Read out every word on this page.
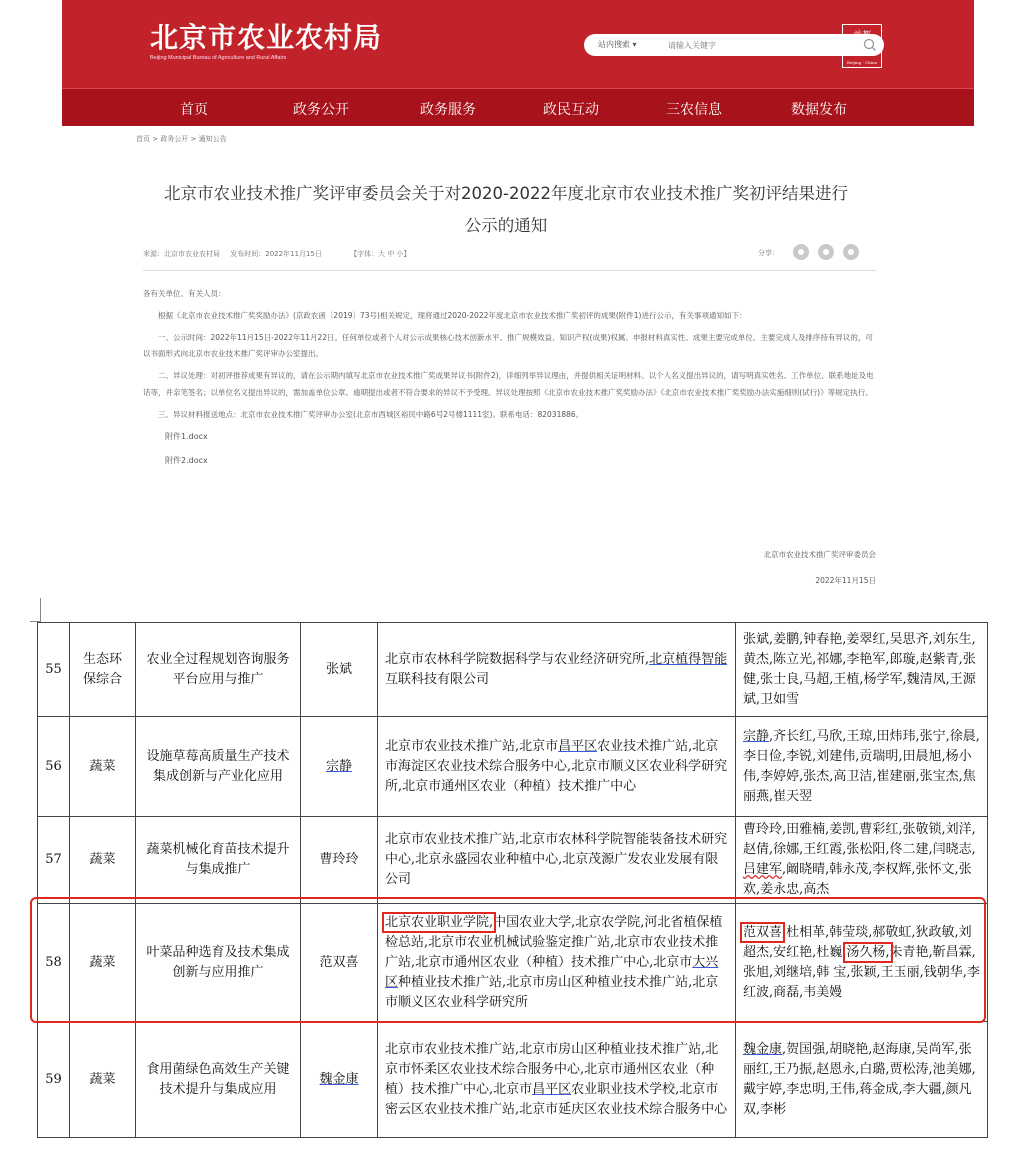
北京市农业农村局
Beijing Municipal Bureau of Agriculture and Rural Affairs
站内搜索 ▾
请输入关键字
首都
Beijing · China
首页	政务公开	政务服务	政民互动	三农信息	数据发布
首页 > 政务公开 > 通知公告
北京市农业技术推广奖评审委员会关于对2020-2022年度北京市农业技术推广奖初评结果进行
公示的通知
来源：北京市农业农村局 发布时间：2022年11月15日	【字体：大 中 小】	分享：

各有关单位、有关人员：

根据《北京市农业技术推广奖奖励办法》(京政农函〔2019〕73号)相关规定，现将通过2020-2022年度北京市农业技术推广奖初评的成果(附件1)进行公示，有关事项通知如下：

一、公示时间：2022年11月15日-2022年11月22日。任何单位或者个人对公示成果核心技术创新水平、推广规模效益、知识产权(成果)权属、申报材料真实性、成果主要完成单位、主要完成人及排序持有异议的，可以书面形式向北京市农业技术推广奖评审办公室提出。

二、异议处理：对初评推荐成果有异议的，请在公示期内填写北京市农业技术推广奖成果异议书(附件2)，详细列举异议理由，并提供相关证明材料。以个人名义提出异议的，请写明真实姓名、工作单位、联系地址及电话等，并亲笔签名；以单位名义提出异议的，需加盖单位公章。逾期提出或者不符合要求的异议不予受理。异议处理按照《北京市农业技术推广奖奖励办法》《北京市农业技术推广奖奖励办法实施细则(试行)》等规定执行。

三、异议材料报送地点：北京市农业技术推广奖评审办公室(北京市西城区裕民中路6号2号楼1111室)。联系电话：82031886。

附件1.docx
附件2.docx
北京市农业技术推广奖评审委员会
2022年11月15日
55	生态环保综合	农业全过程规划咨询服务平台应用与推广	张斌	北京市农林科学院数据科学与农业经济研究所,北京植得智能互联科技有限公司	张斌,姜鹏,钟春艳,姜翠红,吴思齐,刘东生,黄杰,陈立光,祁娜,李艳军,郎璇,赵紫青,张健,张士良,马超,王植,杨学军,魏清凤,王源斌,卫如雪
56	蔬菜	设施草莓高质量生产技术集成创新与产业化应用	宗静	北京市农业技术推广站,北京市昌平区农业技术推广站,北京市海淀区农业技术综合服务中心,北京市顺义区农业科学研究所,北京市通州区农业（种植）技术推广中心	宗静,齐长红,马欣,王琼,田炜玮,张宁,徐晨,李日俭,李锐,刘建伟,贡瑞明,田晨旭,杨小伟,李婷婷,张杰,高卫洁,崔建丽,张宝杰,焦丽燕,崔天翌
57	蔬菜	蔬菜机械化育苗技术提升与集成推广	曹玲玲	北京市农业技术推广站,北京市农林科学院智能装备技术研究中心,北京永盛园农业种植中心,北京茂源广发农业发展有限公司	曹玲玲,田雅楠,姜凯,曹彩红,张敬锁,刘洋,赵倩,徐娜,王红霞,张松阳,佟二建,闫晓志,吕建军,阚晓晴,韩永茂,李权辉,张怀文,张欢,姜永忠,高杰
58	蔬菜	叶菜品种选育及技术集成创新与应用推广	范双喜	北京农业职业学院,中国农业大学,北京农学院,河北省植保植检总站,北京市农业机械试验鉴定推广站,北京市农业技术推广站,北京市通州区农业（种植）技术推广中心,北京市大兴区种植业技术推广站,北京市房山区种植业技术推广站,北京市顺义区农业科学研究所	范双喜,杜相革,韩莹琰,郝敬虹,狄政敏,刘超杰,安红艳,杜巍,汤久杨,朱青艳,靳昌霖,张旭,刘继培,韩 宝,张颖,王玉丽,钱朝华,李红波,商磊,韦美嫚
59	蔬菜	食用菌绿色高效生产关键技术提升与集成应用	魏金康	北京市农业技术推广站,北京市房山区种植业技术推广站,北京市怀柔区农业技术综合服务中心,北京市通州区农业（种植）技术推广中心,北京市昌平区农业职业技术学校,北京市密云区农业技术推广站,北京市延庆区农业技术综合服务中心	魏金康,贺国强,胡晓艳,赵海康,吴尚军,张丽红,王乃振,赵恩永,白璐,贾松涛,池美娜,戴宇婷,李忠明,王伟,蒋金成,李大疆,颜凡双,李彬
